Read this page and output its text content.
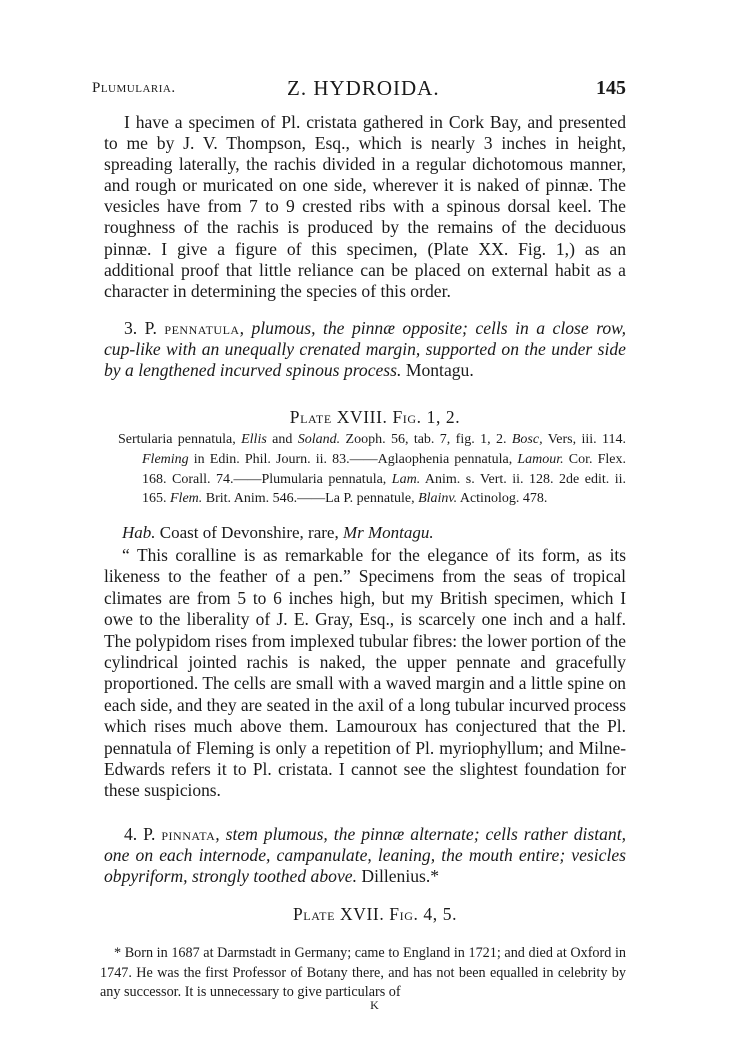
Plumularia.	Z. HYDROIDA.	145
I have a specimen of Pl. cristata gathered in Cork Bay, and presented to me by J. V. Thompson, Esq., which is nearly 3 inches in height, spreading laterally, the rachis divided in a regular dichotomous manner, and rough or muricated on one side, wherever it is naked of pinnæ. The vesicles have from 7 to 9 crested ribs with a spinous dorsal keel. The roughness of the rachis is produced by the remains of the deciduous pinnæ. I give a figure of this specimen, (Plate XX. Fig. 1,) as an additional proof that little reliance can be placed on external habit as a character in determining the species of this order.
3. P. pennatula, plumous, the pinnæ opposite; cells in a close row, cup-like with an unequally crenated margin, supported on the under side by a lengthened incurved spinous process. Montagu.
Plate XVIII. Fig. 1, 2.
Sertularia pennatula, Ellis and Soland. Zooph. 56, tab. 7, fig. 1, 2. Bosc, Vers, iii. 114. Fleming in Edin. Phil. Journ. ii. 83.——Aglaophenia pennatula, Lamour. Cor. Flex. 168. Corall. 74.——Plumularia pennatula, Lam. Anim. s. Vert. ii. 128. 2de edit. ii. 165. Flem. Brit. Anim. 546.——La P. pennatule, Blainv. Actinolog. 478.
Hab. Coast of Devonshire, rare, Mr Montagu.
“ This coralline is as remarkable for the elegance of its form, as its likeness to the feather of a pen.” Specimens from the seas of tropical climates are from 5 to 6 inches high, but my British specimen, which I owe to the liberality of J. E. Gray, Esq., is scarcely one inch and a half. The polypidom rises from implexed tubular fibres: the lower portion of the cylindrical jointed rachis is naked, the upper pennate and gracefully proportioned. The cells are small with a waved margin and a little spine on each side, and they are seated in the axil of a long tubular incurved process which rises much above them. Lamouroux has conjectured that the Pl. pennatula of Fleming is only a repetition of Pl. myriophyllum; and Milne-Edwards refers it to Pl. cristata. I cannot see the slightest foundation for these suspicions.
4. P. pinnata, stem plumous, the pinnæ alternate; cells rather distant, one on each internode, campanulate, leaning, the mouth entire; vesicles obpyriform, strongly toothed above. Dillenius.*
Plate XVII. Fig. 4, 5.
* Born in 1687 at Darmstadt in Germany; came to England in 1721; and died at Oxford in 1747. He was the first Professor of Botany there, and has not been equalled in celebrity by any successor. It is unnecessary to give particulars of
K
